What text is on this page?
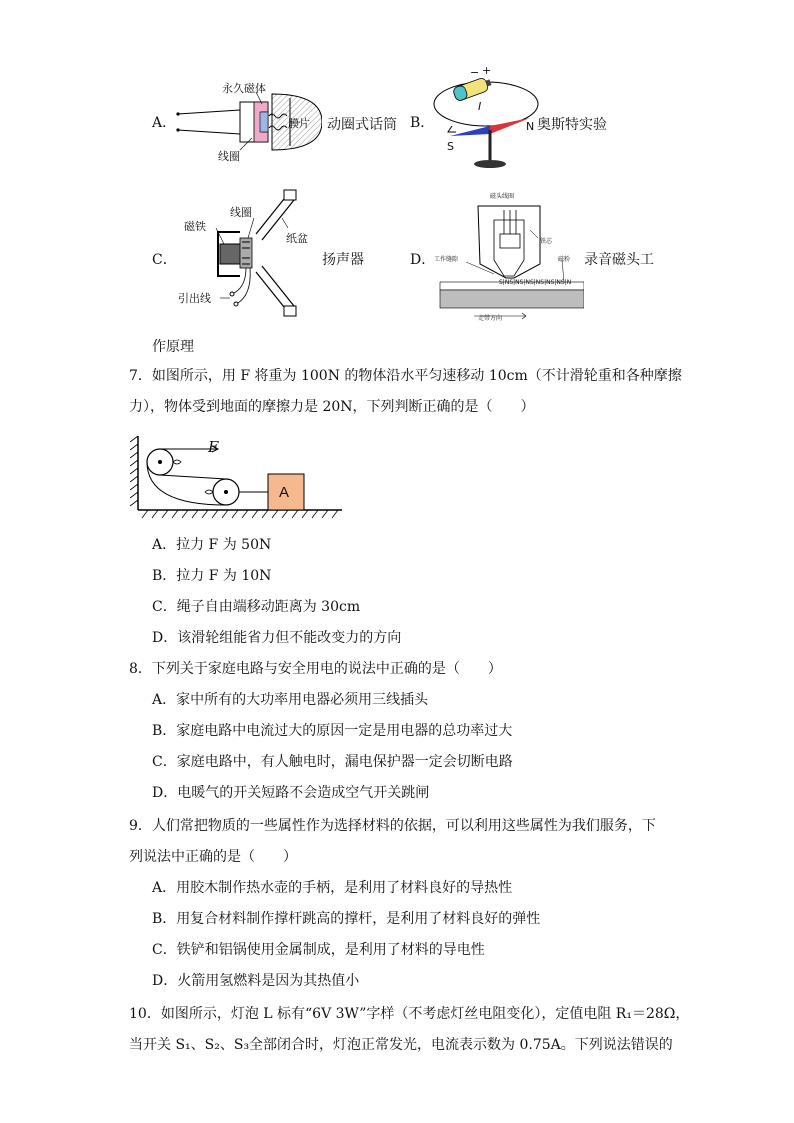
A．
永久磁体
膜片
线圈
动圈式话筒 B．
− +
I
S
N 奥斯特实验
C．
线圈
磁铁
纸盆
引出线
扬声器	D．
磁头线圈
铁芯
工作缝隙	磁粉
S|NS|NS|NS|NS|NS|NS|N
走带方向
录音磁头工
作原理
7．如图所示，用 F 将重为 100N 的物体沿水平匀速移动 10cm（不计滑轮重和各种摩擦
力），物体受到地面的摩擦力是 20N，下列判断正确的是（　　）
F
A
A．拉力 F 为 50N
B．拉力 F 为 10N
C．绳子自由端移动距离为 30cm
D．该滑轮组能省力但不能改变力的方向
8．下列关于家庭电路与安全用电的说法中正确的是（　　）
A．家中所有的大功率用电器必须用三线插头
B．家庭电路中电流过大的原因一定是用电器的总功率过大
C．家庭电路中，有人触电时，漏电保护器一定会切断电路
D．电暖气的开关短路不会造成空气开关跳闸
9．人们常把物质的一些属性作为选择材料的依据，可以利用这些属性为我们服务，下
列说法中正确的是（　　）
A．用胶木制作热水壶的手柄，是利用了材料良好的导热性
B．用复合材料制作撑杆跳高的撑杆，是利用了材料良好的弹性
C．铁铲和铝锅使用金属制成，是利用了材料的导电性
D．火箭用氢燃料是因为其热值小
10．如图所示，灯泡 L 标有“6V 3W”字样（不考虑灯丝电阻变化），定值电阻 R₁＝28Ω，
当开关 S₁、S₂、S₃全部闭合时，灯泡正常发光，电流表示数为 0.75A。下列说法错误的
